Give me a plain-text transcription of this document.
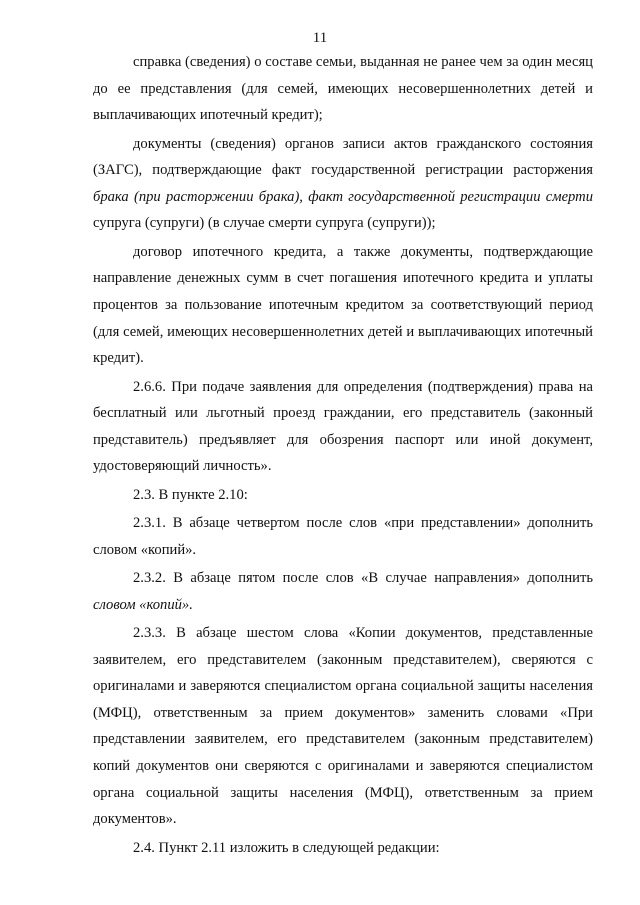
11

справка (сведения) о составе семьи, выданная не ранее чем за один месяц до ее представления (для семей, имеющих несовершеннолетних детей и выплачивающих ипотечный кредит);

документы (сведения) органов записи актов гражданского состояния (ЗАГС), подтверждающие факт государственной регистрации расторжения брака (при расторжении брака), факт государственной регистрации смерти супруга (супруги) (в случае смерти супруга (супруги));

договор ипотечного кредита, а также документы, подтверждающие направление денежных сумм в счет погашения ипотечного кредита и уплаты процентов за пользование ипотечным кредитом за соответствующий период (для семей, имеющих несовершеннолетних детей и выплачивающих ипотечный кредит).

2.6.6. При подаче заявления для определения (подтверждения) права на бесплатный или льготный проезд граждании, его представитель (законный представитель) предъявляет для обозрения паспорт или иной документ, удостоверяющий личность».

2.3. В пункте 2.10:

2.3.1. В абзаце четвертом после слов «при представлении» дополнить словом «копий».

2.3.2. В абзаце пятом после слов «В случае направления» дополнить словом «копий».

2.3.3. В абзаце шестом слова «Копии документов, представленные заявителем, его представителем (законным представителем), сверяются с оригиналами и заверяются специалистом органа социальной защиты населения (МФЦ), ответственным за прием документов» заменить словами «При представлении заявителем, его представителем (законным представителем) копий документов они сверяются с оригиналами и заверяются специалистом органа социальной защиты населения (МФЦ), ответственным за прием документов».

2.4. Пункт 2.11 изложить в следующей редакции:
